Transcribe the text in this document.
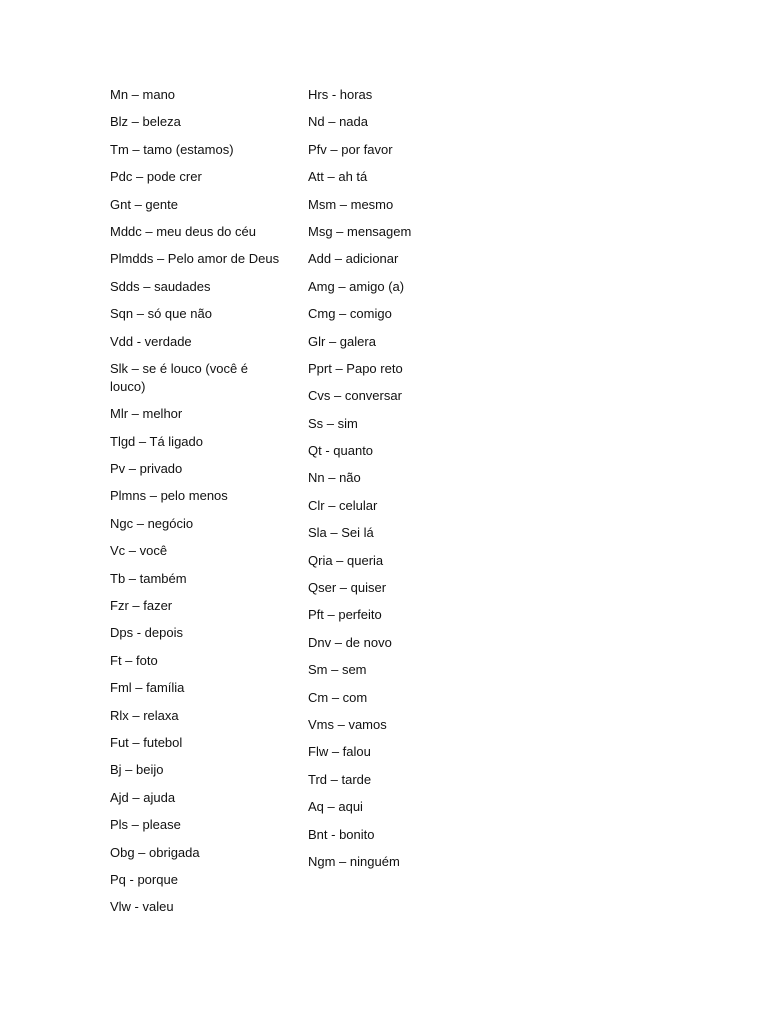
Mn – mano
Blz – beleza
Tm – tamo (estamos)
Pdc – pode crer
Gnt – gente
Mddc – meu deus do céu
Plmdds – Pelo amor de Deus
Sdds – saudades
Sqn – só que não
Vdd - verdade
Slk – se é louco (você é louco)
Mlr – melhor
Tlgd – Tá ligado
Pv – privado
Plmns – pelo menos
Ngc – negócio
Vc – você
Tb – também
Fzr – fazer
Dps - depois
Ft – foto
Fml – família
Rlx – relaxa
Fut – futebol
Bj – beijo
Ajd – ajuda
Pls – please
Obg – obrigada
Pq - porque
Vlw - valeu
Hrs - horas
Nd – nada
Pfv – por favor
Att – ah tá
Msm – mesmo
Msg – mensagem
Add – adicionar
Amg – amigo (a)
Cmg – comigo
Glr – galera
Pprt – Papo reto
Cvs – conversar
Ss – sim
Qt - quanto
Nn – não
Clr – celular
Sla – Sei lá
Qria – queria
Qser – quiser
Pft – perfeito
Dnv – de novo
Sm – sem
Cm – com
Vms – vamos
Flw – falou
Trd – tarde
Aq – aqui
Bnt - bonito
Ngm – ninguém
